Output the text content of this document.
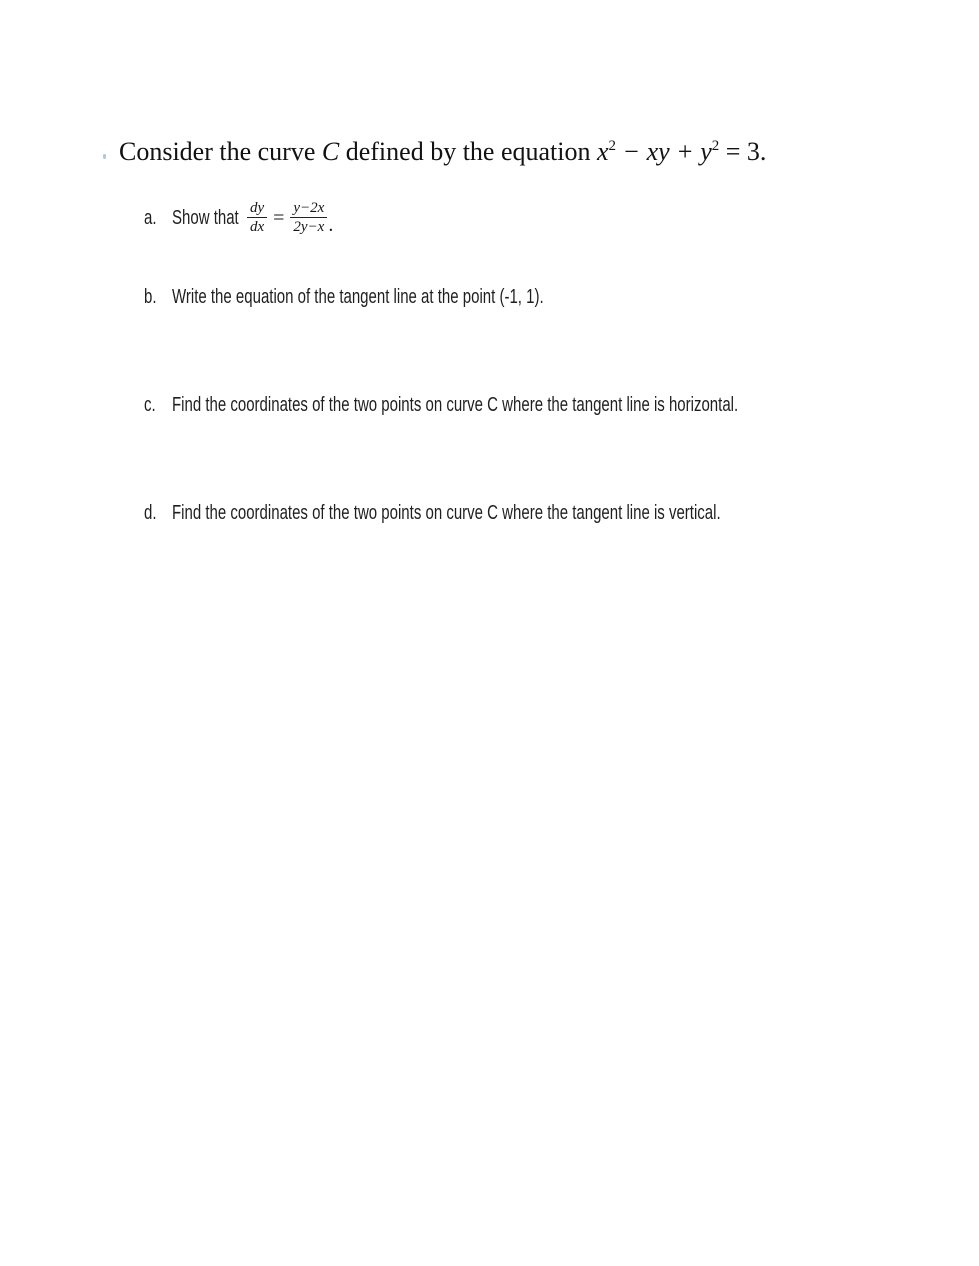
Consider the curve C defined by the equation $x^2$ − xy + $y^2 = 3$.
a. Show that $\frac{dy}{dx} = \frac{y-2x}{2y-x}$ .
b. Write the equation of the tangent line at the point (-1, 1).
c. Find the coordinates of the two points on curve C where the tangent line is horizontal.
d. Find the coordinates of the two points on curve C where the tangent line is vertical.
